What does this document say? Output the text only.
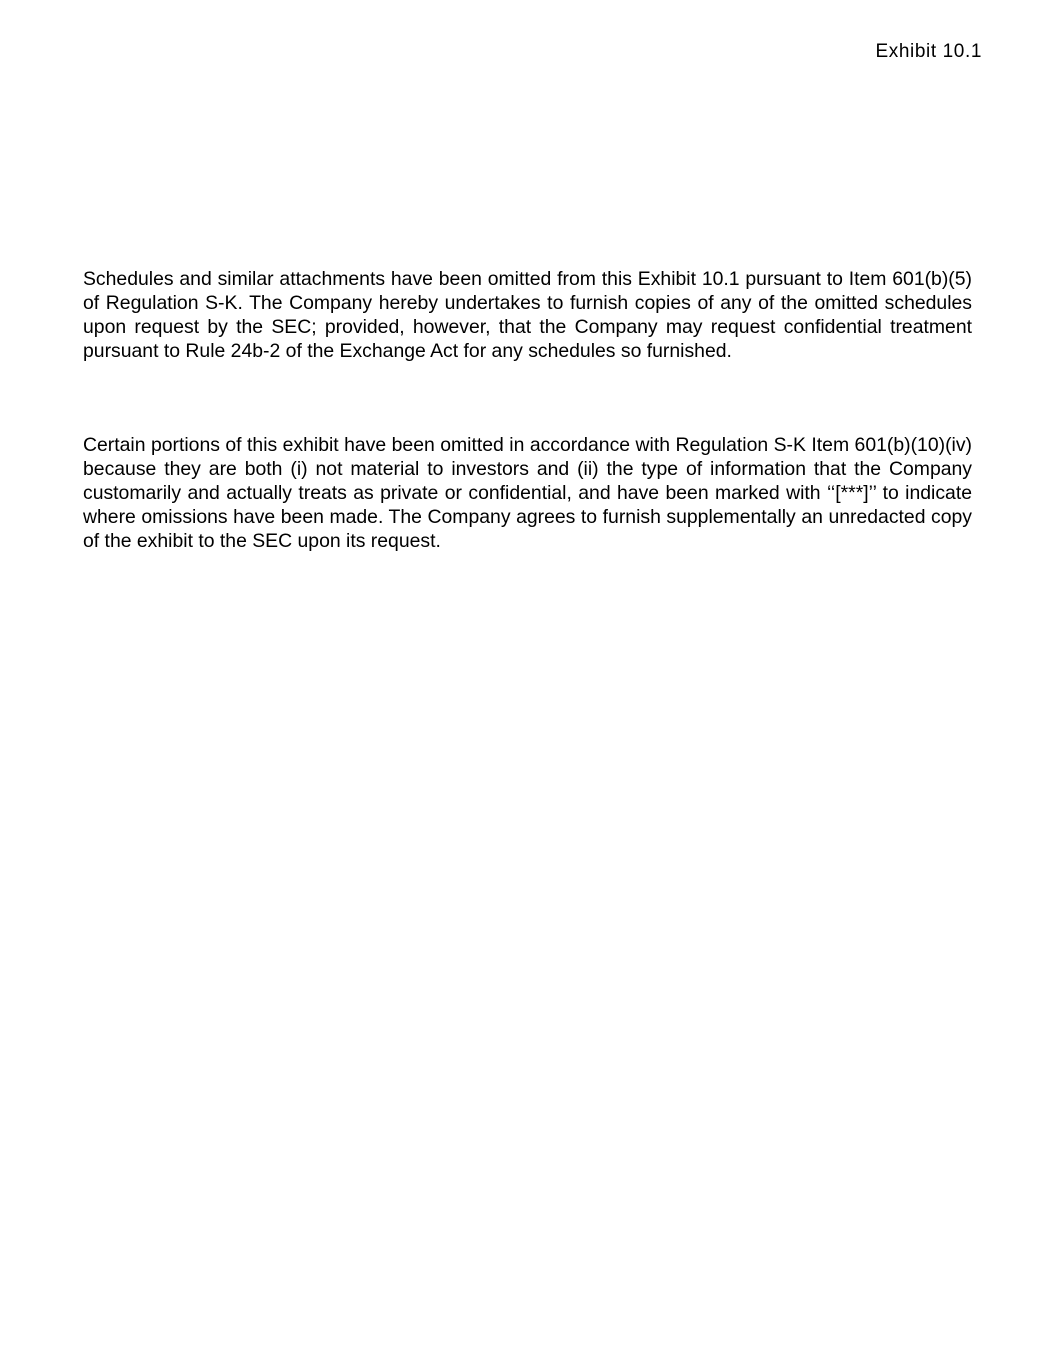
Exhibit 10.1

Schedules and similar attachments have been omitted from this Exhibit 10.1 pursuant to Item 601(b)(5) of Regulation S-K. The Company hereby undertakes to furnish copies of any of the omitted schedules upon request by the SEC; provided, however, that the Company may request confidential treatment pursuant to Rule 24b-2 of the Exchange Act for any schedules so furnished.

Certain portions of this exhibit have been omitted in accordance with Regulation S-K Item 601(b)(10)(iv) because they are both (i) not material to investors and (ii) the type of information that the Company customarily and actually treats as private or confidential, and have been marked with ‘‘[***]’’ to indicate where omissions have been made. The Company agrees to furnish supplementally an unredacted copy of the exhibit to the SEC upon its request.
